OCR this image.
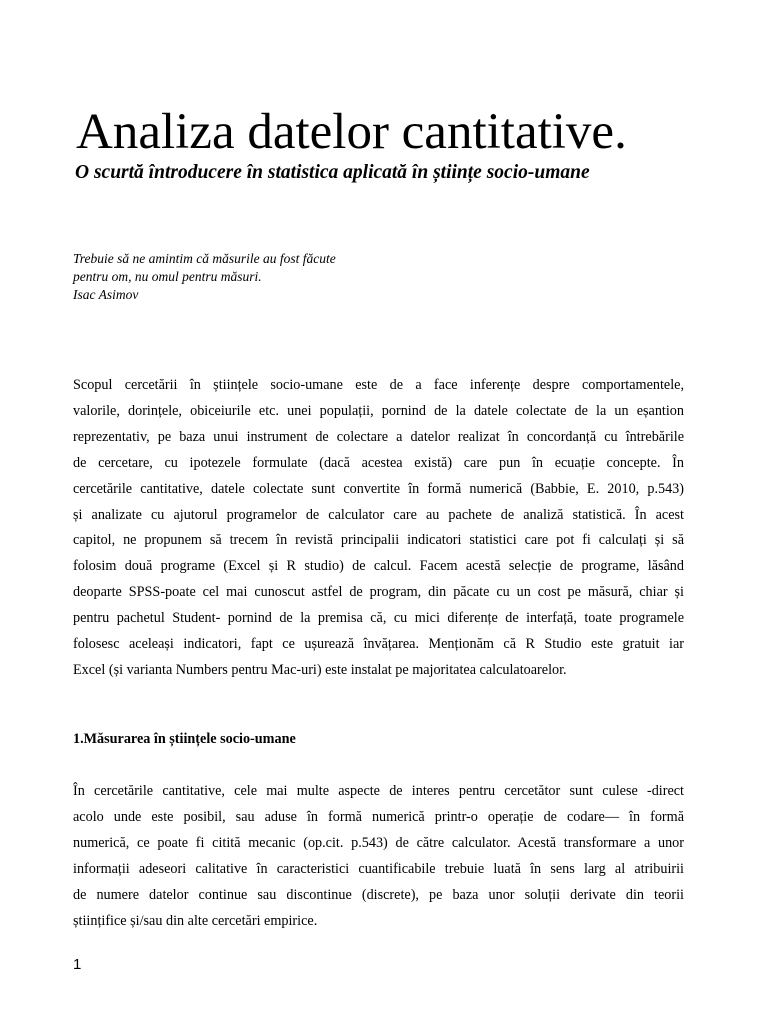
Analiza datelor cantitative.
O scurtă întroducere în statistica aplicată în științe socio-umane

Trebuie să ne amintim că măsurile au fost făcute
pentru om, nu omul pentru măsuri.
Isac Asimov

Scopul cercetării în științele socio-umane este de a face inferențe despre comportamentele,
valorile, dorințele, obiceiurile etc. unei populații, pornind de la datele colectate de la un eșantion
reprezentativ, pe baza unui instrument de colectare a datelor realizat în concordanță cu întrebările
de cercetare, cu ipotezele formulate (dacă acestea există) care pun în ecuație concepte. În
cercetările cantitative, datele colectate sunt convertite în formă numerică (Babbie, E. 2010, p.543)
și analizate cu ajutorul programelor de calculator care au pachete de analiză statistică. În acest
capitol, ne propunem să trecem în revistă principalii indicatori statistici care pot fi calculați și să
folosim două programe (Excel și R studio) de calcul. Facem acestă selecție de programe, lăsând
deoparte SPSS-poate cel mai cunoscut astfel de program, din păcate cu un cost pe măsură, chiar și
pentru pachetul Student- pornind de la premisa că, cu mici diferențe de interfață, toate programele
folosesc aceleași indicatori, fapt ce ușurează învățarea. Menționăm că R Studio este gratuit iar
Excel (și varianta Numbers pentru Mac-uri) este instalat pe majoritatea calculatoarelor.

1.Măsurarea în științele socio-umane

În cercetările cantitative, cele mai multe aspecte de interes pentru cercetător sunt culese -direct
acolo unde este posibil, sau aduse în formă numerică printr-o operație de codare— în formă
numerică, ce poate fi citită mecanic (op.cit. p.543) de către calculator. Acestă transformare a unor
informații adeseori calitative în caracteristici cuantificabile trebuie luată în sens larg al atribuirii
de numere datelor continue sau discontinue (discrete), pe baza unor soluții derivate din teorii
științifice și/sau din alte cercetări empirice.

1
